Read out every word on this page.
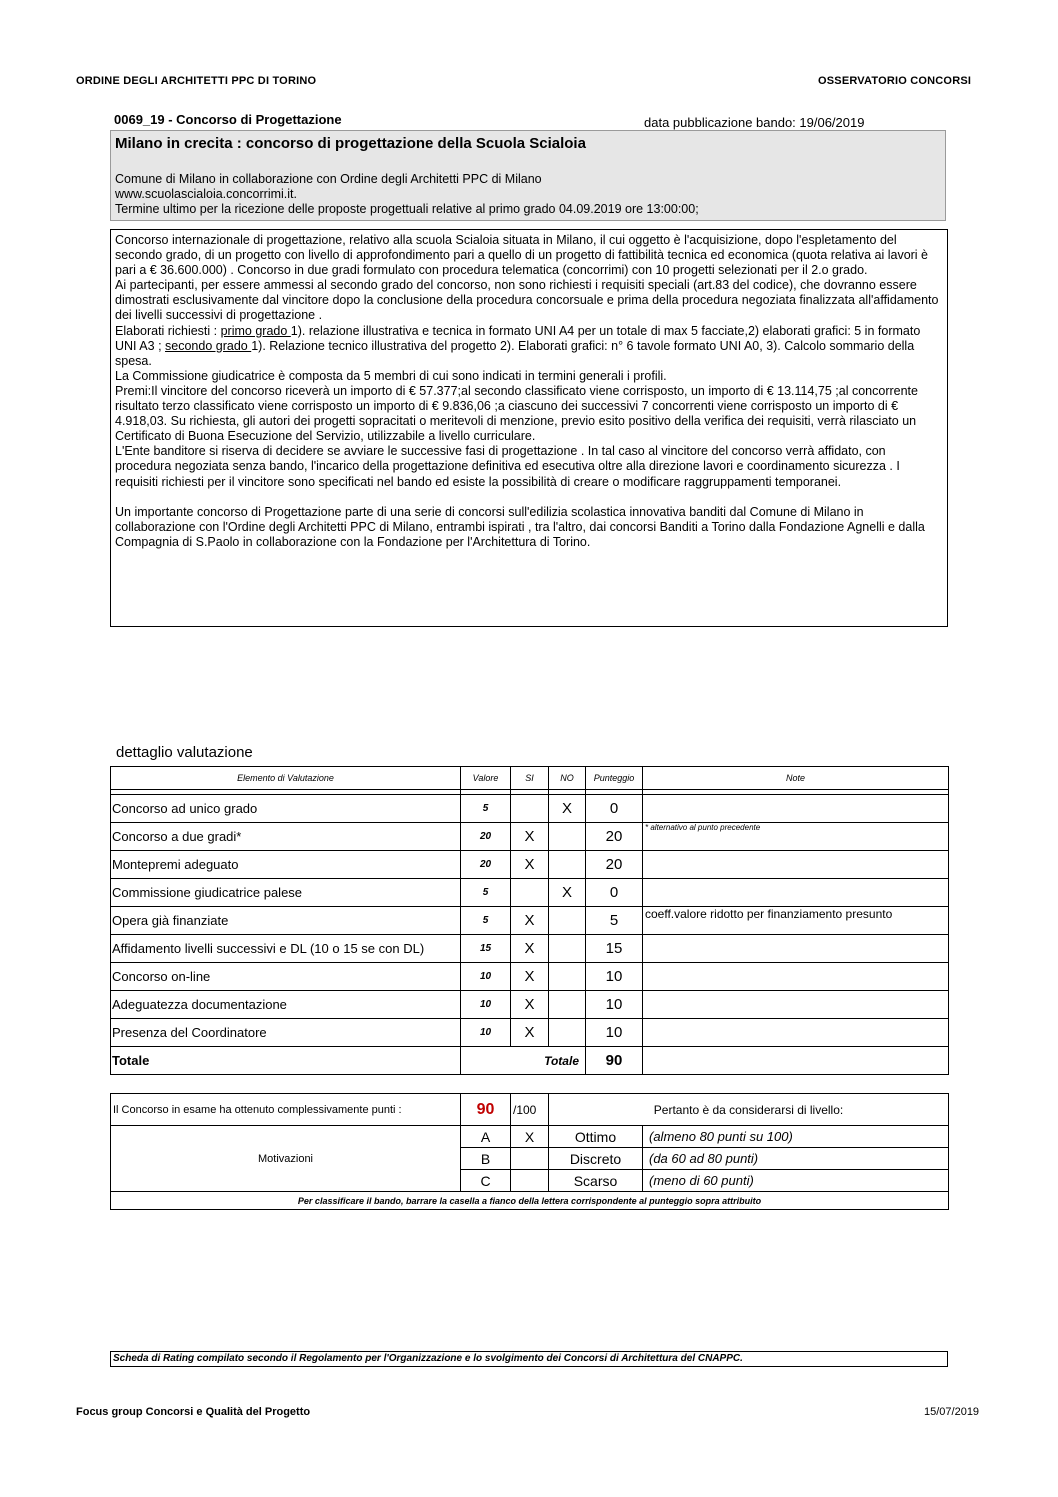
ORDINE DEGLI ARCHITETTI PPC DI TORINO	OSSERVATORIO CONCORSI
0069_19 - Concorso di Progettazione	data pubblicazione bando: 19/06/2019
Milano in crecita : concorso di progettazione della Scuola Scialoia
Comune di Milano in collaborazione con Ordine degli Architetti PPC di Milano
www.scuolascialoia.concorrimi.it.
Termine ultimo per la ricezione delle proposte progettuali relative al primo grado 04.09.2019 ore 13:00:00;

Concorso internazionale di progettazione, relativo alla scuola Scialoia situata in Milano, il cui oggetto è l'acquisizione, dopo l'espletamento del secondo grado, di un progetto con livello di approfondimento pari a quello di un progetto di fattibilità tecnica ed economica (quota relativa ai lavori è pari a € 36.600.000) . Concorso in due gradi formulato con procedura telematica (concorrimi) con 10 progetti selezionati per il 2.o grado.

Ai partecipanti, per essere ammessi al secondo grado del concorso, non sono richiesti i requisiti speciali (art.83 del codice), che dovranno essere dimostrati esclusivamente dal vincitore dopo la conclusione della procedura concorsuale e prima della procedura negoziata finalizzata all'affidamento dei livelli successivi di progettazione .

Elaborati richiesti : primo grado 1). relazione illustrativa e tecnica in formato UNI A4 per un totale di max 5 facciate,2) elaborati grafici: 5 in formato UNI A3 ; secondo grado 1). Relazione tecnico illustrativa del progetto 2). Elaborati grafici: n° 6 tavole formato UNI A0, 3). Calcolo sommario della spesa.

La Commissione giudicatrice è composta da 5 membri di cui sono indicati in termini generali i profili.

Premi:Il vincitore del concorso riceverà un importo di € 57.377;al secondo classificato viene corrisposto, un importo di € 13.114,75 ;al concorrente risultato terzo classificato viene corrisposto un importo di € 9.836,06 ;a ciascuno dei successivi 7 concorrenti viene corrisposto un importo di € 4.918,03. Su richiesta, gli autori dei progetti sopracitati o meritevoli di menzione, previo esito positivo della verifica dei requisiti, verrà rilasciato un Certificato di Buona Esecuzione del Servizio, utilizzabile a livello curriculare.

L'Ente banditore si riserva di decidere se avviare le successive fasi di progettazione . In tal caso al vincitore del concorso verrà affidato, con procedura negoziata senza bando, l'incarico della progettazione definitiva ed esecutiva oltre alla direzione lavori e coordinamento sicurezza . I requisiti richiesti per il vincitore sono specificati nel bando ed esiste la possibilità di creare o modificare raggruppamenti temporanei.

Un importante concorso di Progettazione parte di una serie di concorsi sull'edilizia scolastica innovativa banditi dal Comune di Milano in collaborazione con l'Ordine degli Architetti PPC di Milano, entrambi ispirati , tra l'altro, dai concorsi Banditi a Torino dalla Fondazione Agnelli e dalla Compagnia di S.Paolo in collaborazione con la Fondazione per l'Architettura di Torino.

dettaglio valutazione
Elemento di Valutazione	Valore	SI	NO	Punteggio	Note

Concorso ad unico grado	5		X	0	
Concorso a due gradi*	20	X		20	* alternativo al punto precedente
Montepremi adeguato	20	X		20	
Commissione giudicatrice palese	5		X	0	
Opera già finanziate	5	X		5	coeff.valore ridotto per finanziamento presunto
Affidamento livelli successivi e DL (10 o 15 se con DL)	15	X		15	
Concorso on-line	10	X		10	
Adeguatezza documentazione	10	X		10	
Presenza del Coordinatore	10	X		10	
Totale	Totale			90	
Il Concorso in esame ha ottenuto complessivamente punti :	90	/100	Pertanto è da considerarsi di livello:	
Motivazioni	A	X	Ottimo	(almeno 80 punti su 100)
	B		Discreto	(da 60 ad 80 punti)
	C		Scarso	(meno di 60 punti)
Per classificare il bando, barrare la casella a fianco della lettera corrispondente al punteggio sopra attribuito				
Scheda di Rating compilato secondo il Regolamento per l'Organizzazione e lo svolgimento dei Concorsi di Architettura del CNAPPC.
Focus group Concorsi e Qualità del Progetto	15/07/2019
